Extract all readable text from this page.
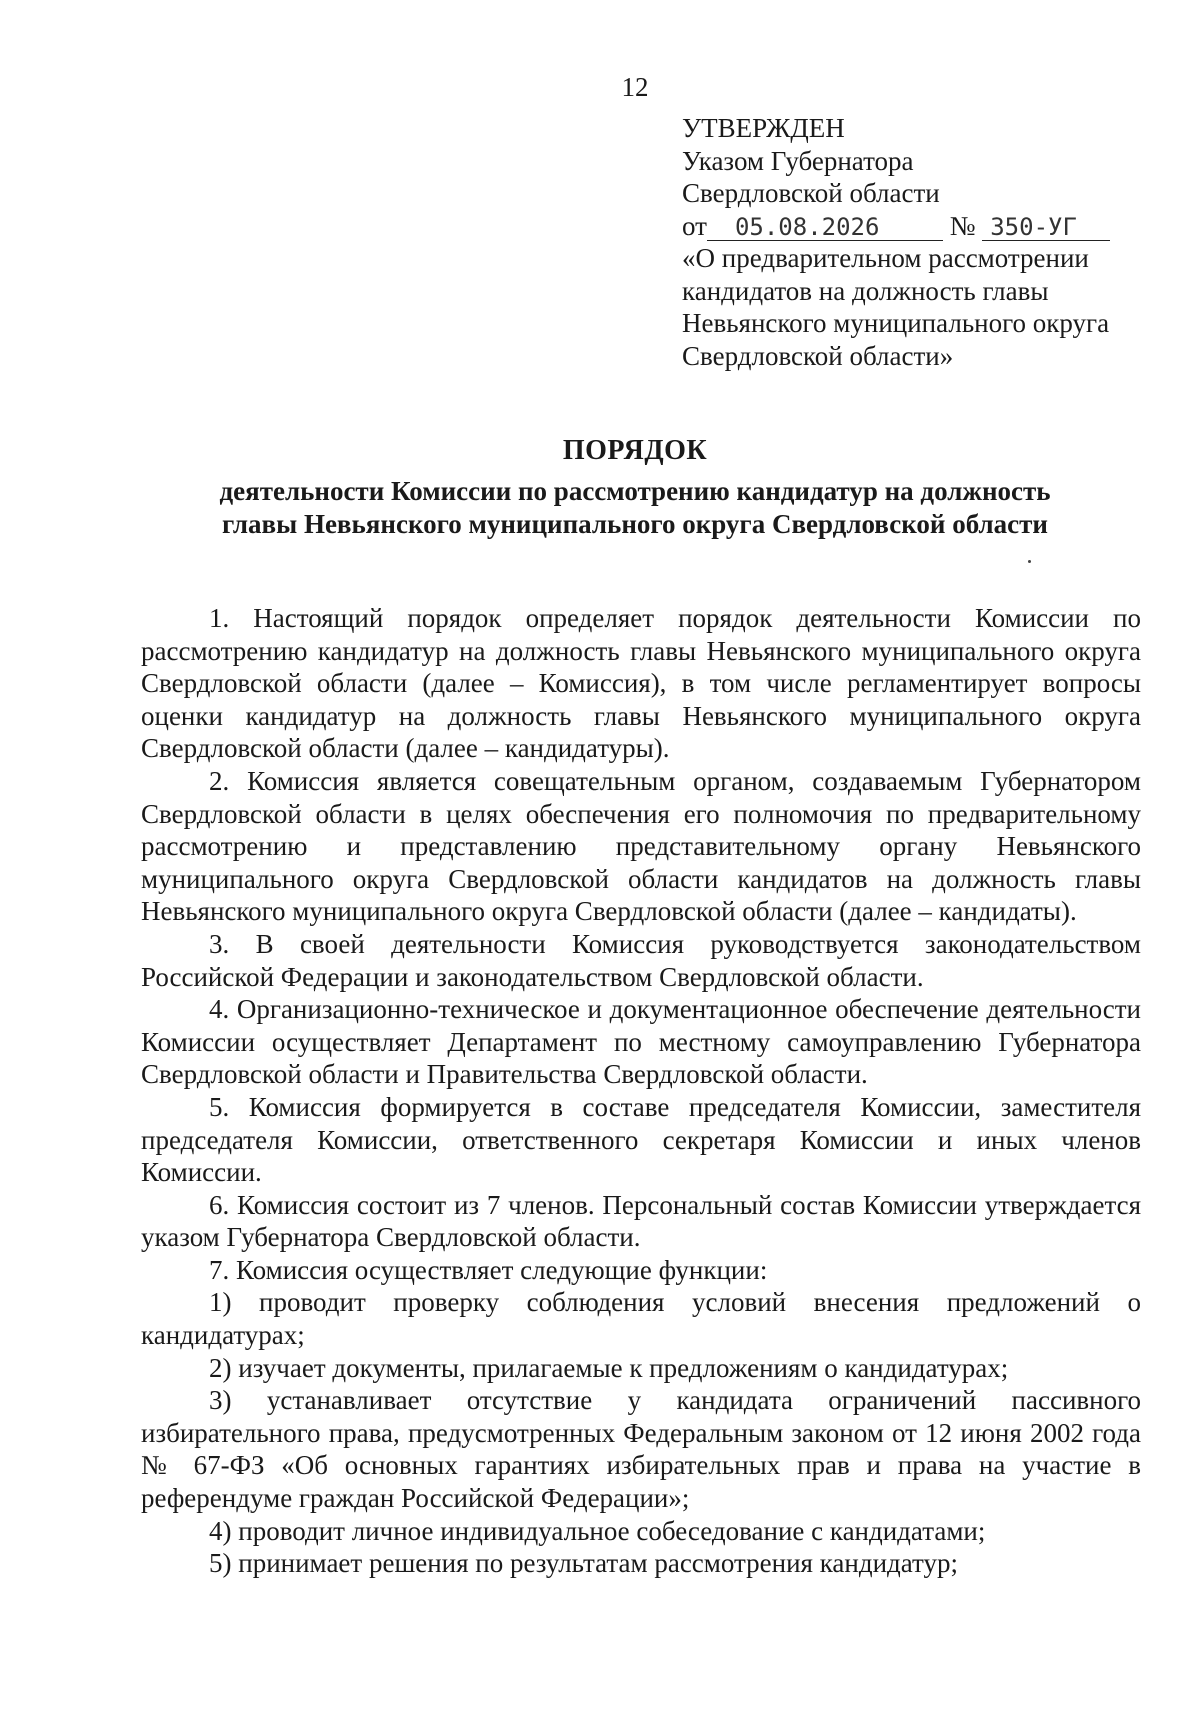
12
УТВЕРЖДЕН
Указом Губернатора
Свердловской области
от 05.08.2026	№ 350-УГ
«О предварительном рассмотрении
кандидатов на должность главы
Невьянского муниципального округа
Свердловской области»
ПОРЯДОК
деятельности Комиссии по рассмотрению кандидатур на должность
главы Невьянского муниципального округа Свердловской области

1. Настоящий порядок определяет порядок деятельности Комиссии по рассмотрению кандидатур на должность главы Невьянского муниципального округа Свердловской области (далее – Комиссия), в том числе регламентирует вопросы оценки кандидатур на должность главы Невьянского муниципального округа Свердловской области (далее – кандидатуры).

2. Комиссия является совещательным органом, создаваемым Губернатором Свердловской области в целях обеспечения его полномочия по предварительному рассмотрению и представлению представительному органу Невьянского муниципального округа Свердловской области кандидатов на должность главы Невьянского муниципального округа Свердловской области (далее – кандидаты).

3. В своей деятельности Комиссия руководствуется законодательством Российской Федерации и законодательством Свердловской области.

4. Организационно-техническое и документационное обеспечение деятельности Комиссии осуществляет Департамент по местному самоуправлению Губернатора Свердловской области и Правительства Свердловской области.

5. Комиссия формируется в составе председателя Комиссии, заместителя председателя Комиссии, ответственного секретаря Комиссии и иных членов Комиссии.

6. Комиссия состоит из 7 членов. Персональный состав Комиссии утверждается указом Губернатора Свердловской области.

7. Комиссия осуществляет следующие функции:

1) проводит проверку соблюдения условий внесения предложений о кандидатурах;

2) изучает документы, прилагаемые к предложениям о кандидатурах;

3) устанавливает отсутствие у кандидата ограничений пассивного избирательного права, предусмотренных Федеральным законом от 12 июня 2002 года № 67-ФЗ «Об основных гарантиях избирательных прав и права на участие в референдуме граждан Российской Федерации»;

4) проводит личное индивидуальное собеседование с кандидатами;

5) принимает решения по результатам рассмотрения кандидатур;
